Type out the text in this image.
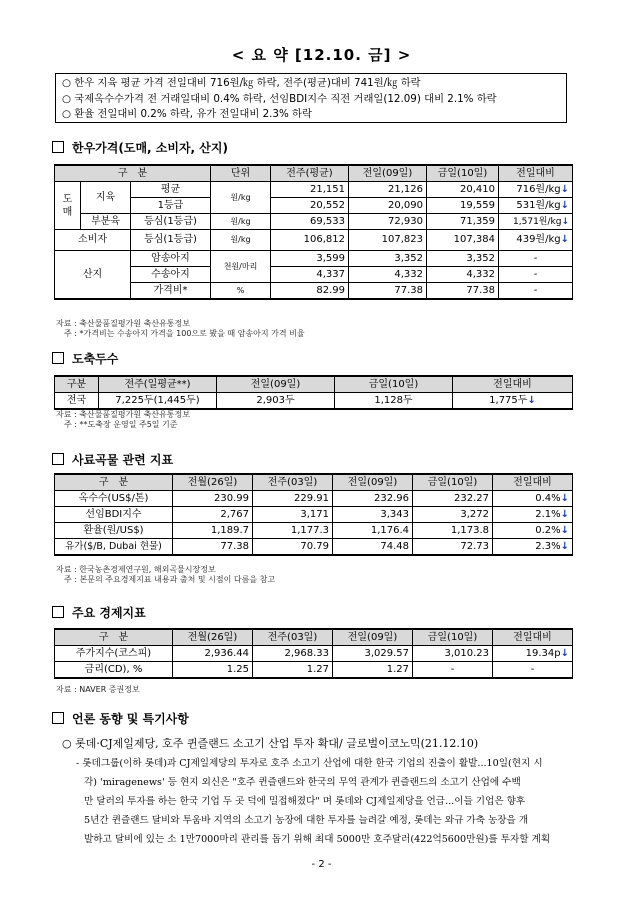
< 요 약 [12.10. 금] >
○ 한우 지육 평균 가격 전일대비 716원/㎏ 하락, 전주(평균)대비 741원/㎏ 하락
○ 국제옥수수가격 전 거래일대비 0.4% 하락, 선임BDI지수 직전 거래일(12.09) 대비 2.1% 하락
○ 환율 전일대비 0.2% 하락, 유가 전일대비 2.3% 하락
한우가격(도매, 소비자, 산지)
구　분			단위	전주(평균)	전일(09일)	금일(10일)	전일대비
도
매	지육	평균	원/kg	21,151	21,126	20,410	716원/kg↓
		1등급		20,552	20,090	19,559	531원/kg↓
	부분육	등심(1등급)	원/kg	69,533	72,930	71,359	1,571원/kg↓
소비자		등심(1등급)	원/kg	106,812	107,823	107,384	439원/kg↓
산지		암송아지	천원/마리	3,599	3,352	3,352	-
		수송아지		4,337	4,332	4,332	-
		가격비*	%	82.99	77.38	77.38	-
자료 : 축산물품질평가원 축산유통정보
　주 : *가격비는 수송아지 가격을 100으로 봤을 때 암송아지 가격 비율
도축두수
구분	전주(일평균**)	전일(09일)	금일(10일)	전일대비
전국	7,225두(1,445두)	2,903두	1,128두	1,775두↓
자료 : 축산물품질평가원 축산유통정보
　주 : **도축장 운영일 주5일 기준
사료곡물 관련 지표
구　분	전월(26일)	전주(03일)	전일(09일)	금일(10일)	전일대비
옥수수(US$/톤)	230.99	229.91	232.96	232.27	0.4%↓
선임BDI지수	2,767	3,171	3,343	3,272	2.1%↓
환율(원/US$)	1,189.7	1,177.3	1,176.4	1,173.8	0.2%↓
유가($/B, Dubai 현물)	77.38	70.79	74.48	72.73	2.3%↓
자료 : 한국농촌경제연구원, 해외곡물시장정보
　주 : 본문의 주요경제지표 내용과 출처 및 시점이 다름을 참고
주요 경제지표
구　분	전월(26일)	전주(03일)	전일(09일)	금일(10일)	전일대비
주가지수(코스피)	2,936.44	2,968.33	3,029.57	3,010.23	19.34p↓
금리(CD), %	1.25	1.27	1.27	-	-
자료 : NAVER 증권정보
언론 동향 및 특기사항
○ 롯데·CJ제일제당, 호주 퀸즐랜드 소고기 산업 투자 확대/ 글로벌이코노믹(21.12.10)
- 롯데그룹(이하 롯데)과 CJ제일제당의 투자로 호주 소고기 산업에 대한 한국 기업의 진출이 활발...10일(현지 시
각) 'miragenews' 등 현지 외신은 "호주 퀸즐랜드와 한국의 무역 관계가 퀸즐랜드의 소고기 산업에 수백
만 달러의 투자를 하는 한국 기업 두 곳 덕에 밀접해졌다" 며 롯데와 CJ제일제당을 언급...이들 기업은 향후
5년간 퀸즐랜드 달비와 투움바 지역의 소고기 농장에 대한 투자를 늘려갈 예정, 롯데는 와규 가축 농장을 개
발하고 달비에 있는 소 1만7000마리 관리를 돕기 위해 최대 5000만 호주달러(422억5600만원)를 투자할 계획
- 2 -
